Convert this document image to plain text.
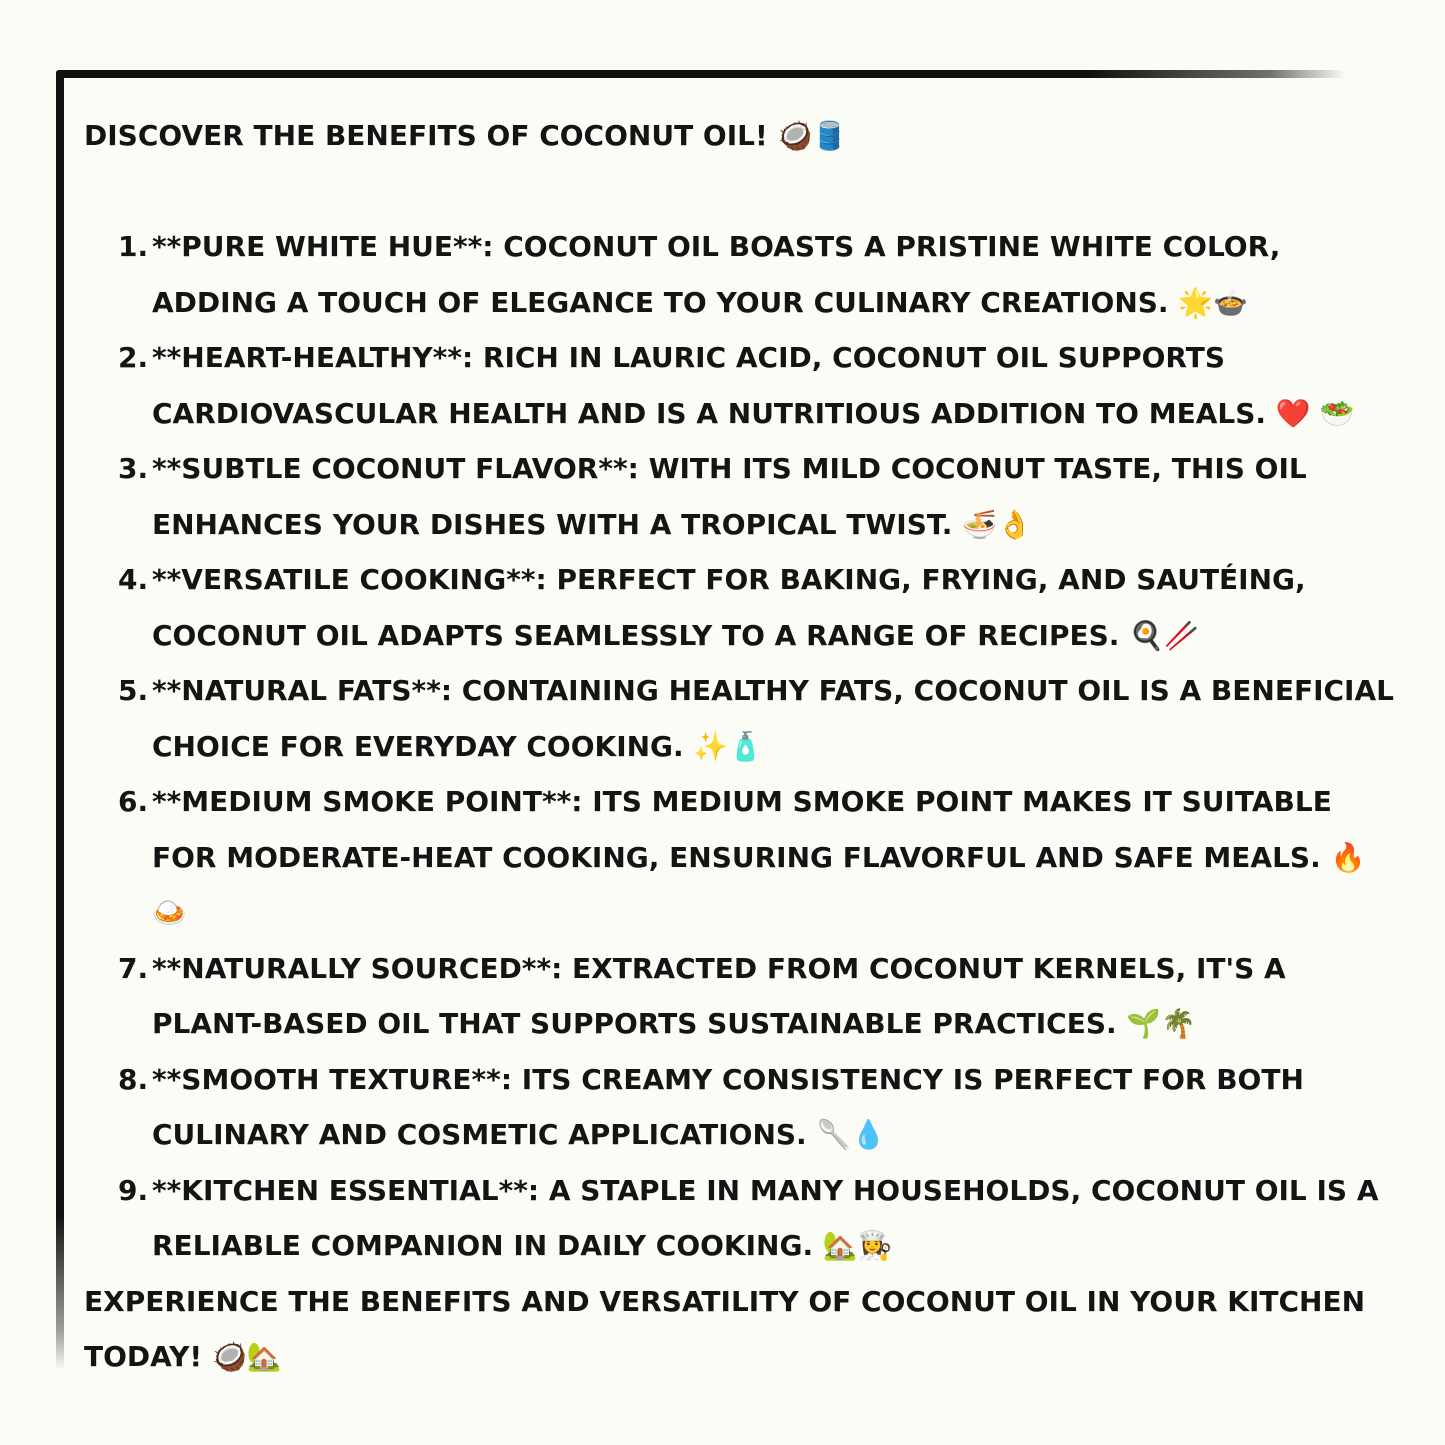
DISCOVER THE BENEFITS OF COCONUT OIL! 🥥🛢️

1. **PURE WHITE HUE**: COCONUT OIL BOASTS A PRISTINE WHITE COLOR, ADDING A TOUCH OF ELEGANCE TO YOUR CULINARY CREATIONS. 🌟🍲
2. **HEART-HEALTHY**: RICH IN LAURIC ACID, COCONUT OIL SUPPORTS CARDIOVASCULAR HEALTH AND IS A NUTRITIOUS ADDITION TO MEALS. ❤️ 🥗
3. **SUBTLE COCONUT FLAVOR**: WITH ITS MILD COCONUT TASTE, THIS OIL ENHANCES YOUR DISHES WITH A TROPICAL TWIST. 🍜👌
4. **VERSATILE COOKING**: PERFECT FOR BAKING, FRYING, AND SAUTÉING, COCONUT OIL ADAPTS SEAMLESSLY TO A RANGE OF RECIPES. 🍳🥢
5. **NATURAL FATS**: CONTAINING HEALTHY FATS, COCONUT OIL IS A BENEFICIAL CHOICE FOR EVERYDAY COOKING. ✨🧴
6. **MEDIUM SMOKE POINT**: ITS MEDIUM SMOKE POINT MAKES IT SUITABLE FOR MODERATE-HEAT COOKING, ENSURING FLAVORFUL AND SAFE MEALS. 🔥🍛
7. **NATURALLY SOURCED**: EXTRACTED FROM COCONUT KERNELS, IT'S A PLANT-BASED OIL THAT SUPPORTS SUSTAINABLE PRACTICES. 🌱🌴
8. **SMOOTH TEXTURE**: ITS CREAMY CONSISTENCY IS PERFECT FOR BOTH CULINARY AND COSMETIC APPLICATIONS. 🥄💧
9. **KITCHEN ESSENTIAL**: A STAPLE IN MANY HOUSEHOLDS, COCONUT OIL IS A RELIABLE COMPANION IN DAILY COOKING. 🏡👩‍🍳

EXPERIENCE THE BENEFITS AND VERSATILITY OF COCONUT OIL IN YOUR KITCHEN TODAY! 🥥🏡
